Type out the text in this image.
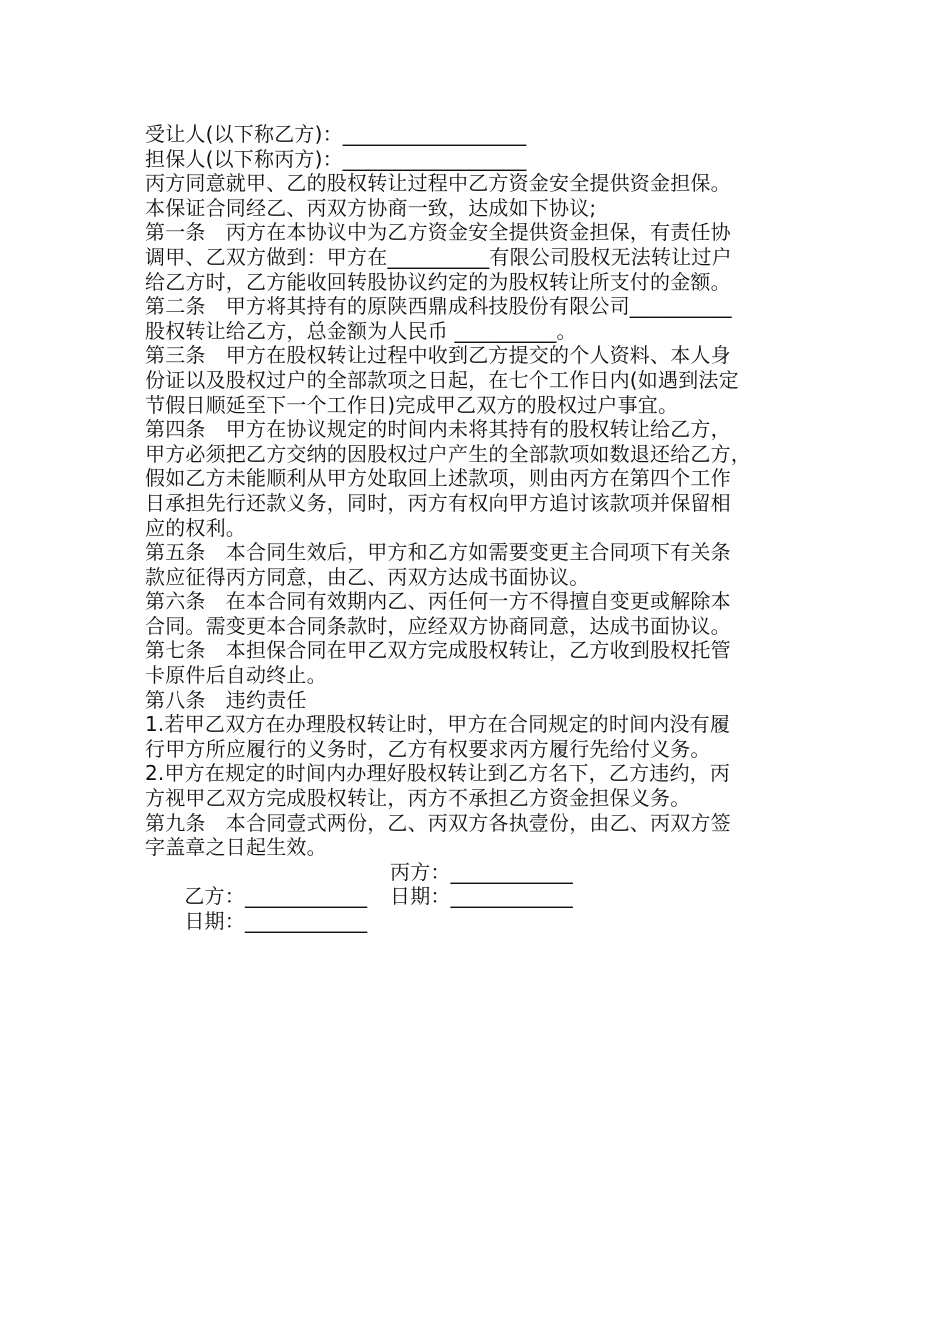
受让人(以下称乙方)：__________________
担保人(以下称丙方)：__________________
丙方同意就甲、乙的股权转让过程中乙方资金安全提供资金担保。
本保证合同经乙、丙双方协商一致，达成如下协议;
第一条　丙方在本协议中为乙方资金安全提供资金担保，有责任协
调甲、乙双方做到：甲方在__________有限公司股权无法转让过户
给乙方时，乙方能收回转股协议约定的为股权转让所支付的金额。
第二条　甲方将其持有的原陕西鼎成科技股份有限公司__________
股权转让给乙方，总金额为人民币 __________。
第三条　甲方在股权转让过程中收到乙方提交的个人资料、本人身
份证以及股权过户的全部款项之日起，在七个工作日内(如遇到法定
节假日顺延至下一个工作日)完成甲乙双方的股权过户事宜。
第四条　甲方在协议规定的时间内未将其持有的股权转让给乙方，
甲方必须把乙方交纳的因股权过户产生的全部款项如数退还给乙方，
假如乙方未能顺利从甲方处取回上述款项，则由丙方在第四个工作
日承担先行还款义务，同时，丙方有权向甲方追讨该款项并保留相
应的权利。
第五条　本合同生效后，甲方和乙方如需要变更主合同项下有关条
款应征得丙方同意，由乙、丙双方达成书面协议。
第六条　在本合同有效期内乙、丙任何一方不得擅自变更或解除本
合同。需变更本合同条款时，应经双方协商同意，达成书面协议。
第七条　本担保合同在甲乙双方完成股权转让，乙方收到股权托管
卡原件后自动终止。
第八条　违约责任
1.若甲乙双方在办理股权转让时，甲方在合同规定的时间内没有履
行甲方所应履行的义务时，乙方有权要求丙方履行先给付义务。
2.甲方在规定的时间内办理好股权转让到乙方名下，乙方违约，丙
方视甲乙双方完成股权转让，丙方不承担乙方资金担保义务。
第九条　本合同壹式两份，乙、丙双方各执壹份，由乙、丙双方签
字盖章之日起生效。

乙方：____________

丙方：____________

日期：____________

日期：____________
